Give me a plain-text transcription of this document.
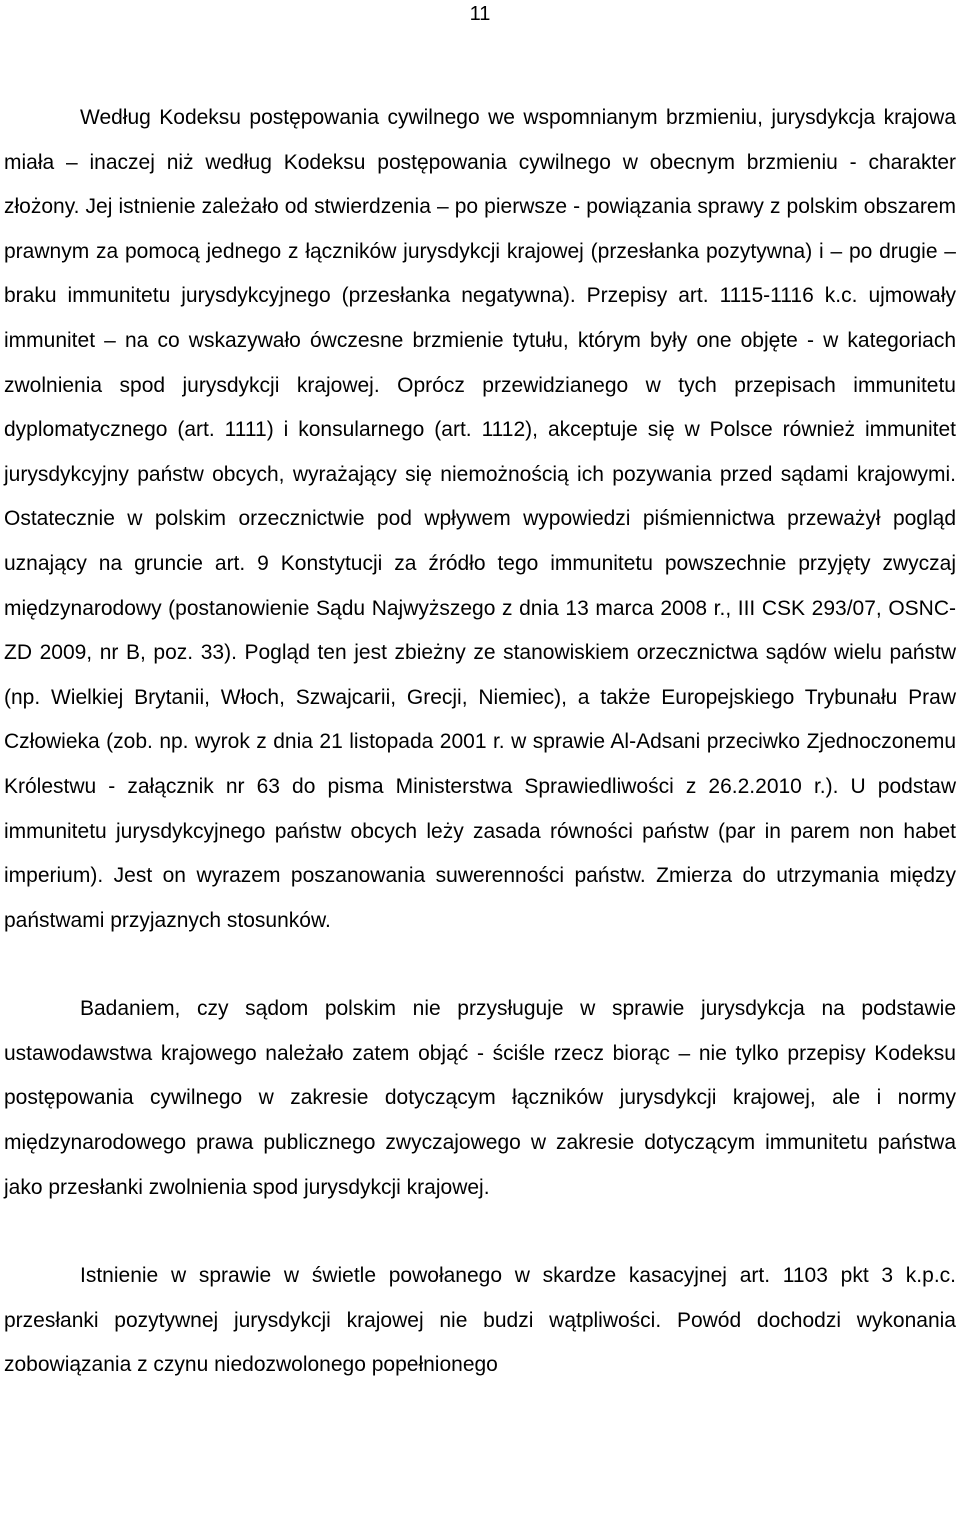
11

Według Kodeksu postępowania cywilnego we wspomnianym brzmieniu, jurysdykcja krajowa miała – inaczej niż według Kodeksu postępowania cywilnego w obecnym brzmieniu - charakter złożony. Jej istnienie zależało od stwierdzenia – po pierwsze - powiązania sprawy z polskim obszarem prawnym za pomocą jednego z łączników jurysdykcji krajowej (przesłanka pozytywna) i – po drugie – braku immunitetu jurysdykcyjnego (przesłanka negatywna). Przepisy art. 1115-1116 k.c. ujmowały immunitet – na co wskazywało ówczesne brzmienie tytułu, którym były one objęte - w kategoriach zwolnienia spod jurysdykcji krajowej. Oprócz przewidzianego w tych przepisach immunitetu dyplomatycznego (art. 1111) i konsularnego (art. 1112), akceptuje się w Polsce również immunitet jurysdykcyjny państw obcych, wyrażający się niemożnością ich pozywania przed sądami krajowymi. Ostatecznie w polskim orzecznictwie pod wpływem wypowiedzi piśmiennictwa przeważył pogląd uznający na gruncie art. 9 Konstytucji za źródło tego immunitetu powszechnie przyjęty zwyczaj międzynarodowy (postanowienie Sądu Najwyższego z dnia 13 marca 2008 r., III CSK 293/07, OSNC-ZD 2009, nr B, poz. 33). Pogląd ten jest zbieżny ze stanowiskiem orzecznictwa sądów wielu państw (np. Wielkiej Brytanii, Włoch, Szwajcarii, Grecji, Niemiec), a także Europejskiego Trybunału Praw Człowieka (zob. np. wyrok z dnia 21 listopada 2001 r. w sprawie Al-Adsani przeciwko Zjednoczonemu Królestwu - załącznik nr 63 do pisma Ministerstwa Sprawiedliwości z 26.2.2010 r.). U podstaw immunitetu jurysdykcyjnego państw obcych leży zasada równości państw (par in parem non habet imperium). Jest on wyrazem poszanowania suwerenności państw. Zmierza do utrzymania między państwami przyjaznych stosunków.

Badaniem, czy sądom polskim nie przysługuje w sprawie jurysdykcja na podstawie ustawodawstwa krajowego należało zatem objąć - ściśle rzecz biorąc – nie tylko przepisy Kodeksu postępowania cywilnego w zakresie dotyczącym łączników jurysdykcji krajowej, ale i normy międzynarodowego prawa publicznego zwyczajowego w zakresie dotyczącym immunitetu państwa jako przesłanki zwolnienia spod jurysdykcji krajowej.

Istnienie w sprawie w świetle powołanego w skardze kasacyjnej art. 1103 pkt 3 k.p.c. przesłanki pozytywnej jurysdykcji krajowej nie budzi wątpliwości. Powód dochodzi wykonania zobowiązania z czynu niedozwolonego popełnionego
